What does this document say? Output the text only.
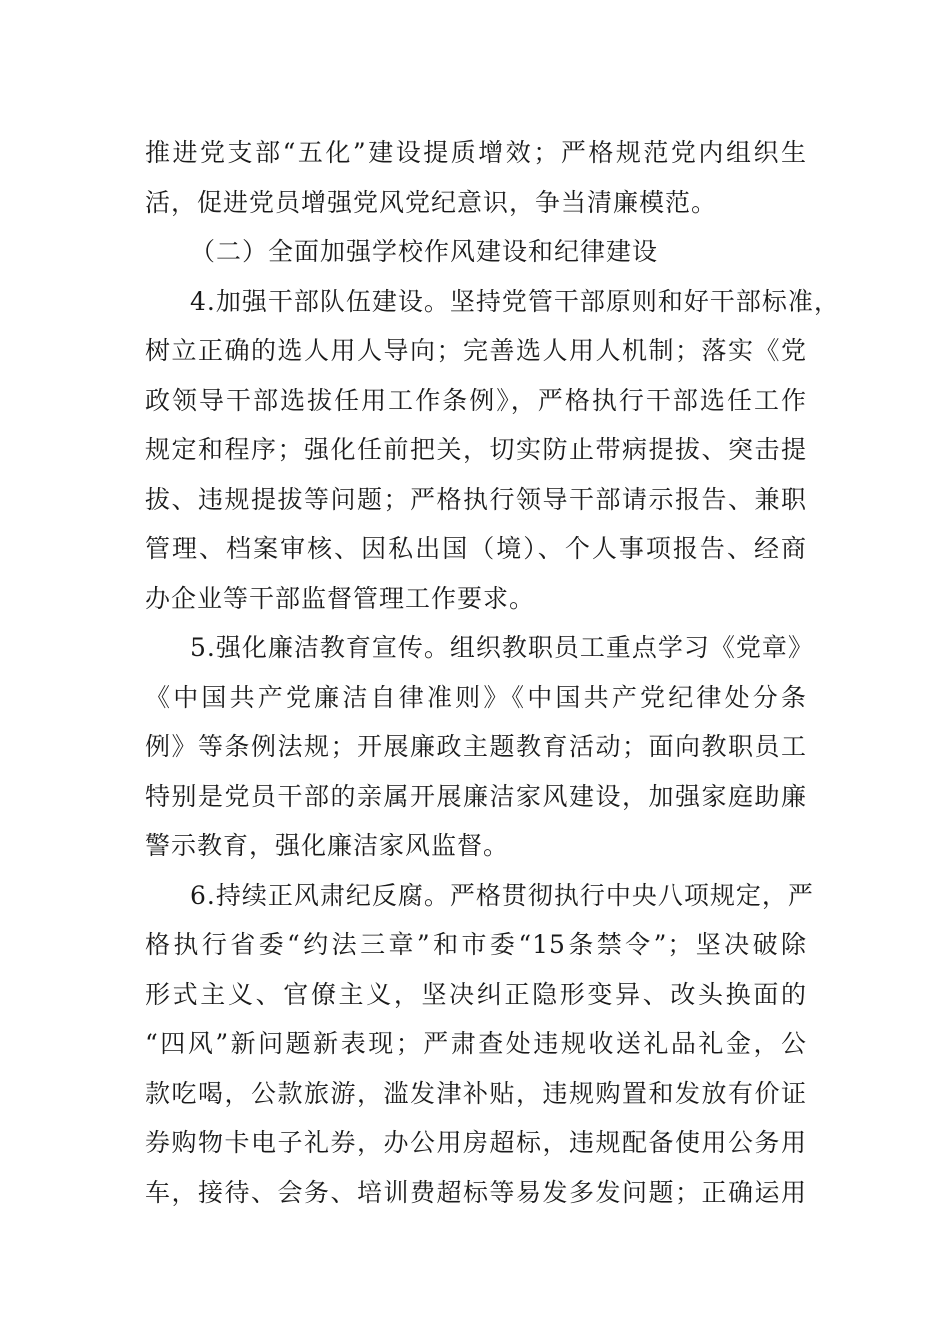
推进党支部“五化”建设提质增效；严格规范党内组织生
活，促进党员增强党风党纪意识，争当清廉模范。
（二）全面加强学校作风建设和纪律建设
4.加强干部队伍建设。坚持党管干部原则和好干部标准，
树立正确的选人用人导向；完善选人用人机制；落实《党
政领导干部选拔任用工作条例》，严格执行干部选任工作
规定和程序；强化任前把关，切实防止带病提拔、突击提
拔、违规提拔等问题；严格执行领导干部请示报告、兼职
管理、档案审核、因私出国（境）、个人事项报告、经商
办企业等干部监督管理工作要求。
5.强化廉洁教育宣传。组织教职员工重点学习《党章》
《中国共产党廉洁自律准则》《中国共产党纪律处分条
例》等条例法规；开展廉政主题教育活动；面向教职员工
特别是党员干部的亲属开展廉洁家风建设，加强家庭助廉
警示教育，强化廉洁家风监督。
6.持续正风肃纪反腐。严格贯彻执行中央八项规定，严
格执行省委“约法三章”和市委“15条禁令”；坚决破除
形式主义、官僚主义，坚决纠正隐形变异、改头换面的
“四风”新问题新表现；严肃查处违规收送礼品礼金，公
款吃喝，公款旅游，滥发津补贴，违规购置和发放有价证
券购物卡电子礼券，办公用房超标，违规配备使用公务用
车，接待、会务、培训费超标等易发多发问题；正确运用
